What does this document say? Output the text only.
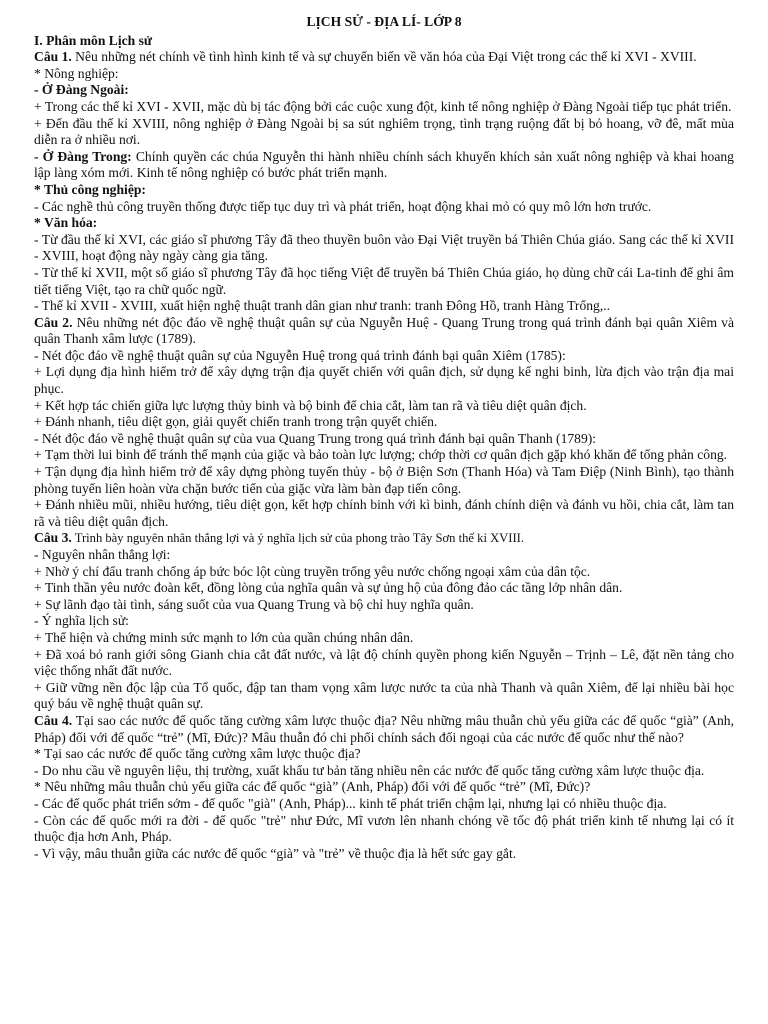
LỊCH SỬ - ĐỊA LÍ- LỚP 8

I. Phân môn Lịch sử

Câu 1. Nêu những nét chính về tình hình kinh tế và sự chuyển biến về văn hóa của Đại Việt trong các thế kỉ XVI - XVIII.

* Nông nghiệp:

- Ở Đàng Ngoài:

+ Trong các thế kỉ XVI - XVII, mặc dù bị tác động bởi các cuộc xung đột, kinh tế nông nghiệp ở Đàng Ngoài tiếp tục phát triển.

+ Đến đầu thế kỉ XVIII, nông nghiệp ở Đàng Ngoài bị sa sút nghiêm trọng, tình trạng ruộng đất bị bỏ hoang, vỡ đê, mất mùa diễn ra ở nhiều nơi.

- Ở Đàng Trong: Chính quyền các chúa Nguyễn thi hành nhiều chính sách khuyến khích sản xuất nông nghiệp và khai hoang lập làng xóm mới. Kinh tế nông nghiệp có bước phát triển mạnh.

* Thủ công nghiệp:

- Các nghề thủ công truyền thống được tiếp tục duy trì và phát triển, hoạt động khai mỏ có quy mô lớn hơn trước.

* Văn hóa:

- Từ đầu thế kỉ XVI, các giáo sĩ phương Tây đã theo thuyền buôn vào Đại Việt truyền bá Thiên Chúa giáo. Sang các thế kỉ XVII - XVIII, hoạt động này ngày càng gia tăng.

- Từ thế kỉ XVII, một số giáo sĩ phương Tây đã học tiếng Việt để truyền bá Thiên Chúa giáo, họ dùng chữ cái La-tinh để ghi âm tiết tiếng Việt, tạo ra chữ quốc ngữ.

- Thế kỉ XVII - XVIII, xuất hiện nghệ thuật tranh dân gian như tranh: tranh Đông Hồ, tranh Hàng Trống,..

Câu 2. Nêu những nét độc đáo về nghệ thuật quân sự của Nguyễn Huệ - Quang Trung trong quá trình đánh bại quân Xiêm và quân Thanh xâm lược (1789).

- Nét độc đáo về nghệ thuật quân sự của Nguyễn Huệ trong quá trình đánh bại quân Xiêm (1785):

+ Lợi dụng địa hình hiểm trở để xây dựng trận địa quyết chiến với quân địch, sử dụng kế nghi binh, lừa địch vào trận địa mai phục.

+ Kết hợp tác chiến giữa lực lượng thủy binh và bộ binh để chia cắt, làm tan rã và tiêu diệt quân địch.

+ Đánh nhanh, tiêu diệt gọn, giải quyết chiến tranh trong trận quyết chiến.

- Nét độc đáo về nghệ thuật quân sự của vua Quang Trung trong quá trình đánh bại quân Thanh (1789):

+ Tạm thời lui binh để tránh thế mạnh của giặc và bảo toàn lực lượng; chớp thời cơ quân địch gặp khó khăn để tổng phản công.

+ Tận dụng địa hình hiểm trở để xây dựng phòng tuyến thủy - bộ ở Biện Sơn (Thanh Hóa) và Tam Điệp (Ninh Bình), tạo thành phòng tuyến liên hoàn vừa chặn bước tiến của giặc vừa làm bàn đạp tiến công.

+ Đánh nhiều mũi, nhiều hướng, tiêu diệt gọn, kết hợp chính binh với kì binh, đánh chính diện và đánh vu hồi, chia cắt, làm tan rã và tiêu diệt quân địch.

Câu 3. Trình bày nguyên nhân thắng lợi và ý nghĩa lịch sử của phong trào Tây Sơn thế kỉ XVIII.

- Nguyên nhân thắng lợi:

+ Nhờ ý chí đấu tranh chống áp bức bóc lột cùng truyền trống yêu nước chống ngoại xâm của dân tộc.

+ Tinh thần yêu nước đoàn kết, đồng lòng của nghĩa quân và sự ủng hộ của đông đảo các tầng lớp nhân dân.

+ Sự lãnh đạo tài tình, sáng suốt của vua Quang Trung và bộ chỉ huy nghĩa quân.

- Ý nghĩa lịch sử:

+ Thể hiện và chứng minh sức mạnh to lớn của quần chúng nhân dân.

+ Đã xoá bỏ ranh giới sông Gianh chia cắt đất nước, và lật độ chính quyền phong kiến Nguyễn – Trịnh – Lê, đặt nền tảng cho việc thống nhất đất nước.

+ Giữ vững nền độc lập của Tổ quốc, đập tan tham vọng xâm lược nước ta của nhà Thanh và quân Xiêm, để lại nhiều bài học quý báu về nghệ thuật quân sự.

Câu 4. Tại sao các nước đế quốc tăng cường xâm lược thuộc địa? Nêu những mâu thuẫn chủ yếu giữa các đế quốc “già” (Anh, Pháp) đối với đế quốc “trẻ” (Mĩ, Đức)? Mâu thuẫn đó chi phối chính sách đối ngoại của các nước đế quốc như thế nào?

* Tại sao các nước đế quốc tăng cường xâm lược thuộc địa?

- Do nhu cầu về nguyên liệu, thị trường, xuất khẩu tư bản tăng nhiều nên các nước đế quốc tăng cường xâm lược thuộc địa.

* Nêu những mâu thuẫn chủ yếu giữa các đế quốc “già” (Anh, Pháp) đối với đế quốc “trẻ” (Mĩ, Đức)?

- Các đế quốc phát triển sớm - đế quốc "già" (Anh, Pháp)... kinh tế phát triển chậm lại, nhưng lại có nhiều thuộc địa.

- Còn các đế quốc mới ra đời - đế quốc "trẻ" như Đức, Mĩ vươn lên nhanh chóng về tốc độ phát triển kinh tế nhưng lại có ít thuộc địa hơn Anh, Pháp.

- Vì vậy, mâu thuẫn giữa các nước đế quốc “già” và "trẻ” về thuộc địa là hết sức gay gắt.
